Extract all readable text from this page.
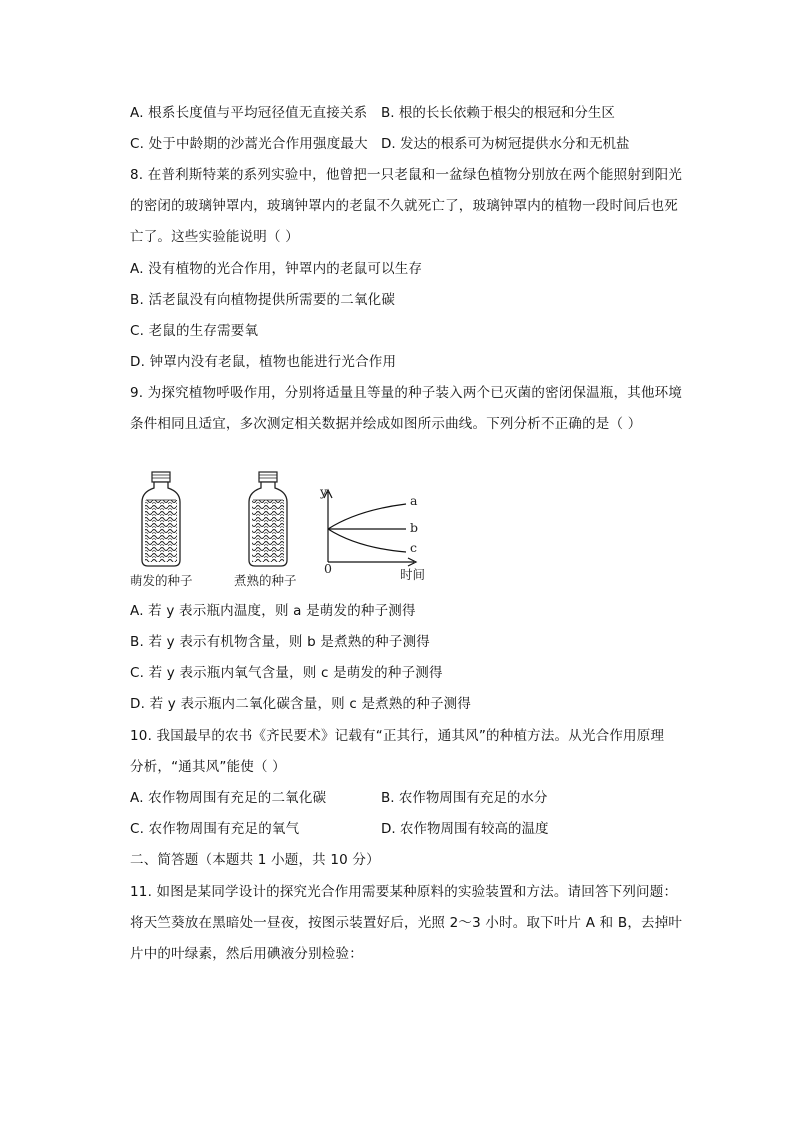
A. 根系长度值与平均冠径值无直接关系 B. 根的长长依赖于根尖的根冠和分生区
C. 处于中龄期的沙蒿光合作用强度最大 D. 发达的根系可为树冠提供水分和无机盐
8. 在普利斯特莱的系列实验中，他曾把一只老鼠和一盆绿色植物分别放在两个能照射到阳光
的密闭的玻璃钟罩内，玻璃钟罩内的老鼠不久就死亡了，玻璃钟罩内的植物一段时间后也死
亡了。这些实验能说明（ ）
A. 没有植物的光合作用，钟罩内的老鼠可以生存
B. 活老鼠没有向植物提供所需要的二氧化碳
C. 老鼠的生存需要氧
D. 钟罩内没有老鼠，植物也能进行光合作用
9. 为探究植物呼吸作用，分别将适量且等量的种子装入两个已灭菌的密闭保温瓶，其他环境
条件相同且适宜，多次测定相关数据并绘成如图所示曲线。下列分析不正确的是（ ）
y
a
b
c
0	时间
萌发的种子	煮熟的种子
A. 若 y 表示瓶内温度，则 a 是萌发的种子测得
B. 若 y 表示有机物含量，则 b 是煮熟的种子测得
C. 若 y 表示瓶内氧气含量，则 c 是萌发的种子测得
D. 若 y 表示瓶内二氧化碳含量，则 c 是煮熟的种子测得
10. 我国最早的农书《齐民要术》记载有“正其行，通其风”的种植方法。从光合作用原理
分析，“通其风”能使（ ）
A. 农作物周围有充足的二氧化碳	B. 农作物周围有充足的水分
C. 农作物周围有充足的氧气	D. 农作物周围有较高的温度
二、简答题（本题共 1 小题，共 10 分）
11. 如图是某同学设计的探究光合作用需要某种原料的实验装置和方法。请回答下列问题：
将天竺葵放在黑暗处一昼夜，按图示装置好后，光照 2～3 小时。取下叶片 A 和 B，去掉叶
片中的叶绿素，然后用碘液分别检验：
